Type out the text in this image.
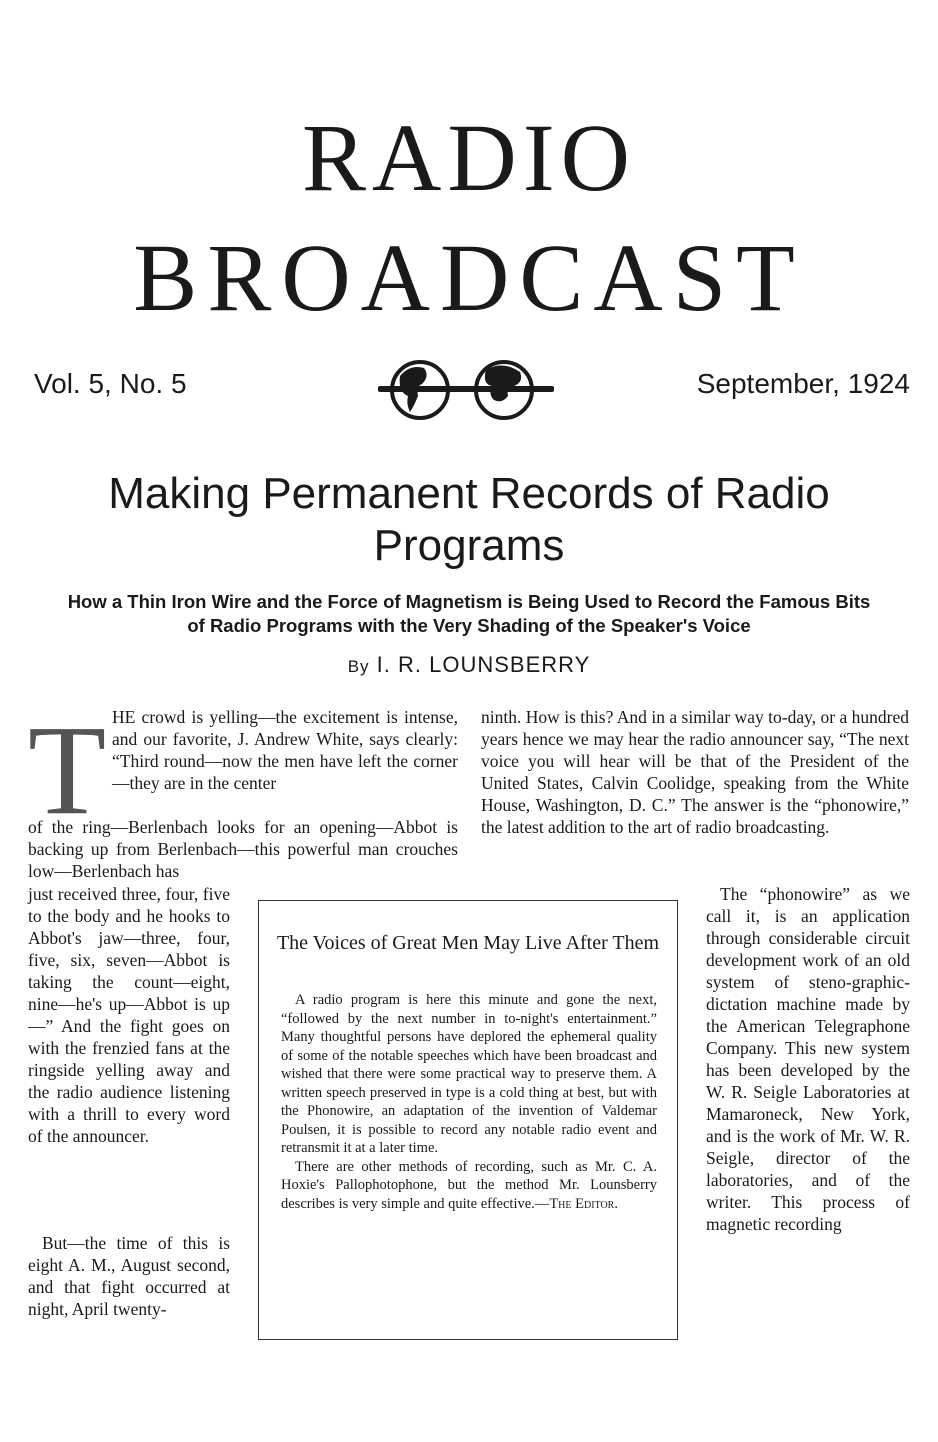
RADIO
BROADCAST
Vol. 5, No. 5	September, 1924
Making Permanent Records of Radio Programs
How a Thin Iron Wire and the Force of Magnetism is Being Used to Record the Famous Bits of Radio Programs with the Very Shading of the Speaker's Voice
By I. R. LOUNSBERRY
T HE crowd is yelling—the excitement is intense, and our favorite, J. Andrew White, says clearly: “Third round—now the men have left the corner—they are in the center
of the ring—Berlenbach looks for an opening—Abbot is backing up from Berlenbach—this powerful man crouches low—Berlenbach has
just received three, four, five to the body and he hooks to Abbot's jaw—three, four, five, six, seven—Abbot is taking the count—eight, nine—he's up—Abbot is up—” And the fight goes on with the frenzied fans at the ringside yelling away and the radio audience listening with a thrill to every word of the announcer.

But—the time of this is eight A. M., August second, and that fight occurred at night, April twenty-

ninth. How is this? And in a similar way to-day, or a hundred years hence we may hear the radio announcer say, “The next voice you will hear will be that of the President of the United States, Calvin Coolidge, speaking from the White House, Washington, D. C.” The answer is the “phonowire,” the latest addition to the art of radio broadcasting.

The “phonowire” as we call it, is an application through considerable circuit development work of an old system of steno-graphic-dictation machine made by the American Telegraphone Company. This new system has been developed by the W. R. Seigle Laboratories at Mamaroneck, New York, and is the work of Mr. W. R. Seigle, director of the laboratories, and of the writer. This process of magnetic recording

The Voices of Great Men May Live After Them

A radio program is here this minute and gone the next, “followed by the next number in to-night's entertainment.” Many thoughtful persons have deplored the ephemeral quality of some of the notable speeches which have been broadcast and wished that there were some practical way to preserve them. A written speech preserved in type is a cold thing at best, but with the Phonowire, an adaptation of the invention of Valdemar Poulsen, it is possible to record any notable radio event and retransmit it at a later time.

There are other methods of recording, such as Mr. C. A. Hoxie's Pallophotophone, but the method Mr. Lounsberry describes is very simple and quite effective.—The Editor.
